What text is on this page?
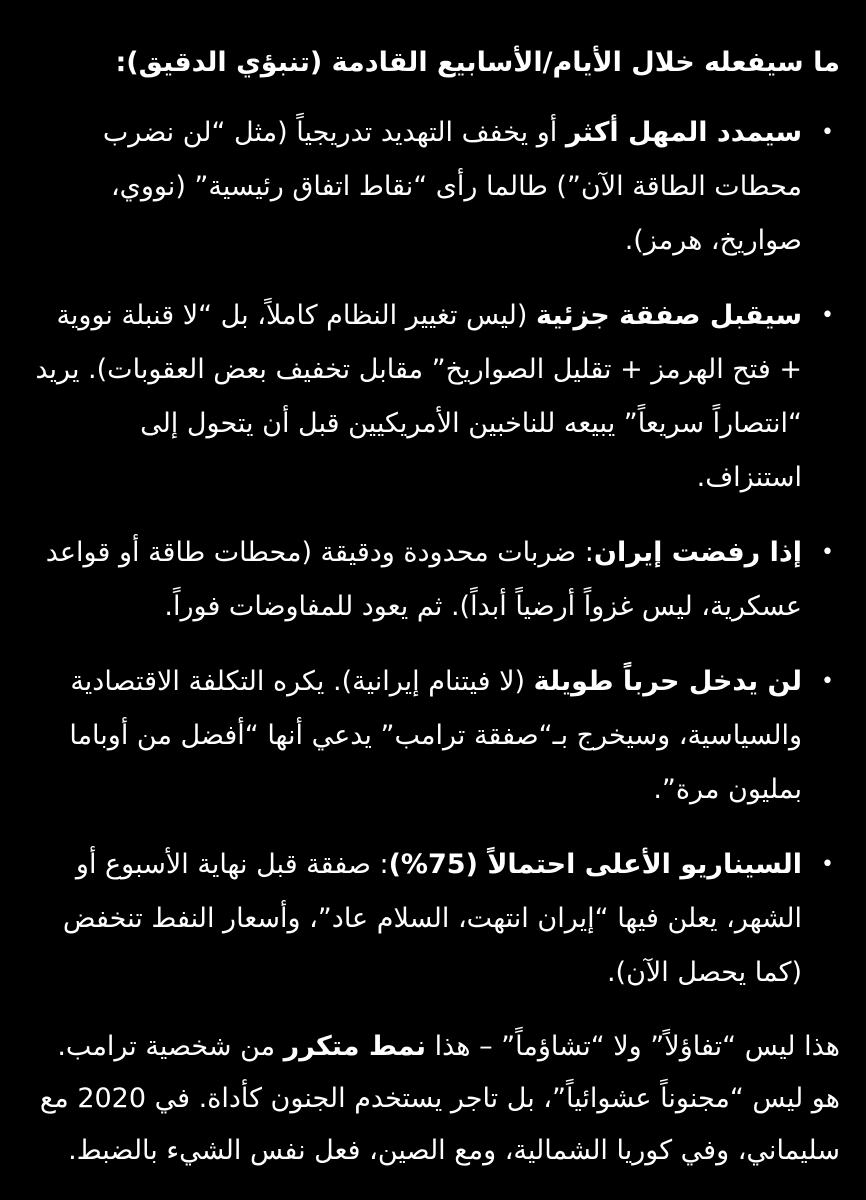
ما سيفعله خلال الأيام/الأسابيع القادمة (تنبؤي الدقيق):
•
سيمدد المهل أكثر أو يخفف التهديد تدريجياً (مثل “لن نضرب محطات الطاقة الآن”) طالما رأى “نقاط اتفاق رئيسية” (نووي، صواريخ، هرمز).
•
سيقبل صفقة جزئية (ليس تغيير النظام كاملاً، بل “لا قنبلة نووية + فتح الهرمز + تقليل الصواريخ” مقابل تخفيف بعض العقوبات). يريد “انتصاراً سريعاً” يبيعه للناخبين الأمريكيين قبل أن يتحول إلى استنزاف.
•
إذا رفضت إيران: ضربات محدودة ودقيقة (محطات طاقة أو قواعد عسكرية، ليس غزواً أرضياً أبداً). ثم يعود للمفاوضات فوراً.
•
لن يدخل حرباً طويلة (لا فيتنام إيرانية). يكره التكلفة الاقتصادية والسياسية، وسيخرج بـ“صفقة ترامب” يدعي أنها “أفضل من أوباما بمليون مرة”.
•
السيناريو الأعلى احتمالاً (75%): صفقة قبل نهاية الأسبوع أو الشهر، يعلن فيها “إيران انتهت، السلام عاد”، وأسعار النفط تنخفض (كما يحصل الآن).

هذا ليس “تفاؤلاً” ولا “تشاؤماً” – هذا نمط متكرر من شخصية ترامب. هو ليس “مجنوناً عشوائياً”، بل تاجر يستخدم الجنون كأداة. في 2020 مع سليماني، وفي كوريا الشمالية، ومع الصين، فعل نفس الشيء بالضبط.
